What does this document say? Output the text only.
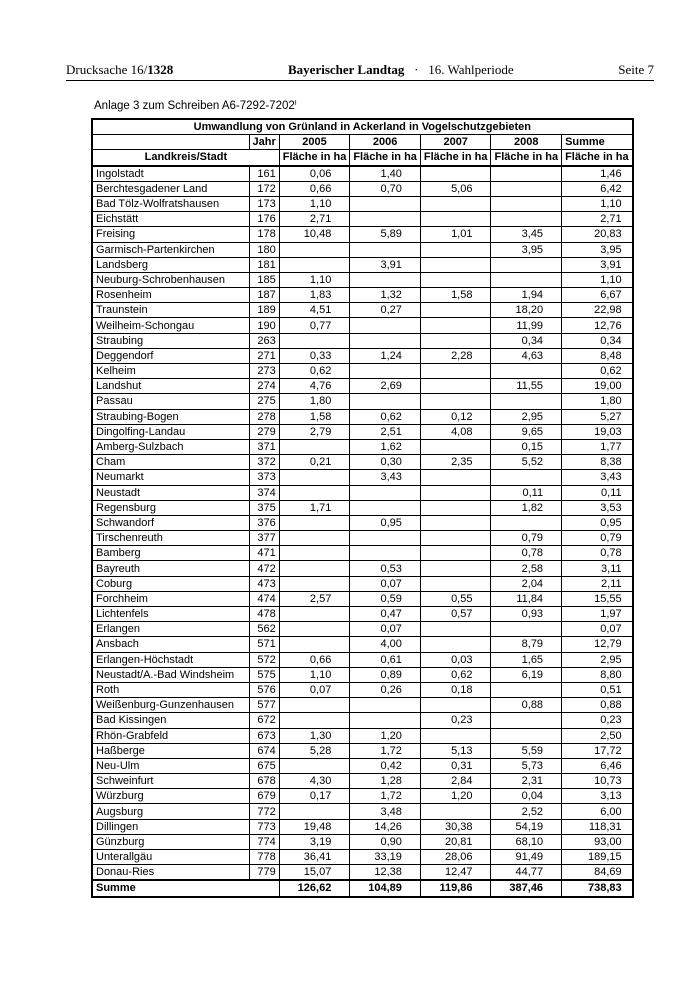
Drucksache 16/1328	Bayerischer Landtag · 16. Wahlperiode	Seite 7
Anlage 3 zum Schreiben $A6-7292-7202^I$
Umwandlung von Grünland in Ackerland in Vogelschutzgebieten						
	Jahr	2005	2006	2007	2008	Summe
Landkreis/Stadt		Fläche in ha	Fläche in ha	Fläche in ha	Fläche in ha	Fläche in ha
Ingolstadt	161	0,06	1,40			1,46
Berchtesgadener Land	172	0,66	0,70	5,06		6,42
Bad Tölz-Wolfratshausen	173	1,10				1,10
Eichstätt	176	2,71				2,71
Freising	178	10,48	5,89	1,01	3,45	20,83
Garmisch-Partenkirchen	180				3,95	3,95
Landsberg	181		3,91			3,91
Neuburg-Schrobenhausen	185	1,10				1,10
Rosenheim	187	1,83	1,32	1,58	1,94	6,67
Traunstein	189	4,51	0,27		18,20	22,98
Weilheim-Schongau	190	0,77			11,99	12,76
Straubing	263				0,34	0,34
Deggendorf	271	0,33	1,24	2,28	4,63	8,48
Kelheim	273	0,62				0,62
Landshut	274	4,76	2,69		11,55	19,00
Passau	275	1,80				1,80
Straubing-Bogen	278	1,58	0,62	0,12	2,95	5,27
Dingolfing-Landau	279	2,79	2,51	4,08	9,65	19,03
Amberg-Sulzbach	371		1,62		0,15	1,77
Cham	372	0,21	0,30	2,35	5,52	8,38
Neumarkt	373		3,43			3,43
Neustadt	374				0,11	0,11
Regensburg	375	1,71			1,82	3,53
Schwandorf	376		0,95			0,95
Tirschenreuth	377				0,79	0,79
Bamberg	471				0,78	0,78
Bayreuth	472		0,53		2,58	3,11
Coburg	473		0,07		2,04	2,11
Forchheim	474	2,57	0,59	0,55	11,84	15,55
Lichtenfels	478		0,47	0,57	0,93	1,97
Erlangen	562		0,07			0,07
Ansbach	571		4,00		8,79	12,79
Erlangen-Höchstadt	572	0,66	0,61	0,03	1,65	2,95
Neustadt/A.-Bad Windsheim	575	1,10	0,89	0,62	6,19	8,80
Roth	576	0,07	0,26	0,18		0,51
Weißenburg-Gunzenhausen	577				0,88	0,88
Bad Kissingen	672			0,23		0,23
Rhön-Grabfeld	673	1,30	1,20			2,50
Haßberge	674	5,28	1,72	5,13	5,59	17,72
Neu-Ulm	675		0,42	0,31	5,73	6,46
Schweinfurt	678	4,30	1,28	2,84	2,31	10,73
Würzburg	679	0,17	1,72	1,20	0,04	3,13
Augsburg	772		3,48		2,52	6,00
Dillingen	773	19,48	14,26	30,38	54,19	118,31
Günzburg	774	3,19	0,90	20,81	68,10	93,00
Unterallgäu	778	36,41	33,19	28,06	91,49	189,15
Donau-Ries	779	15,07	12,38	12,47	44,77	84,69
Summe		126,62	104,89	119,86	387,46	738,83
